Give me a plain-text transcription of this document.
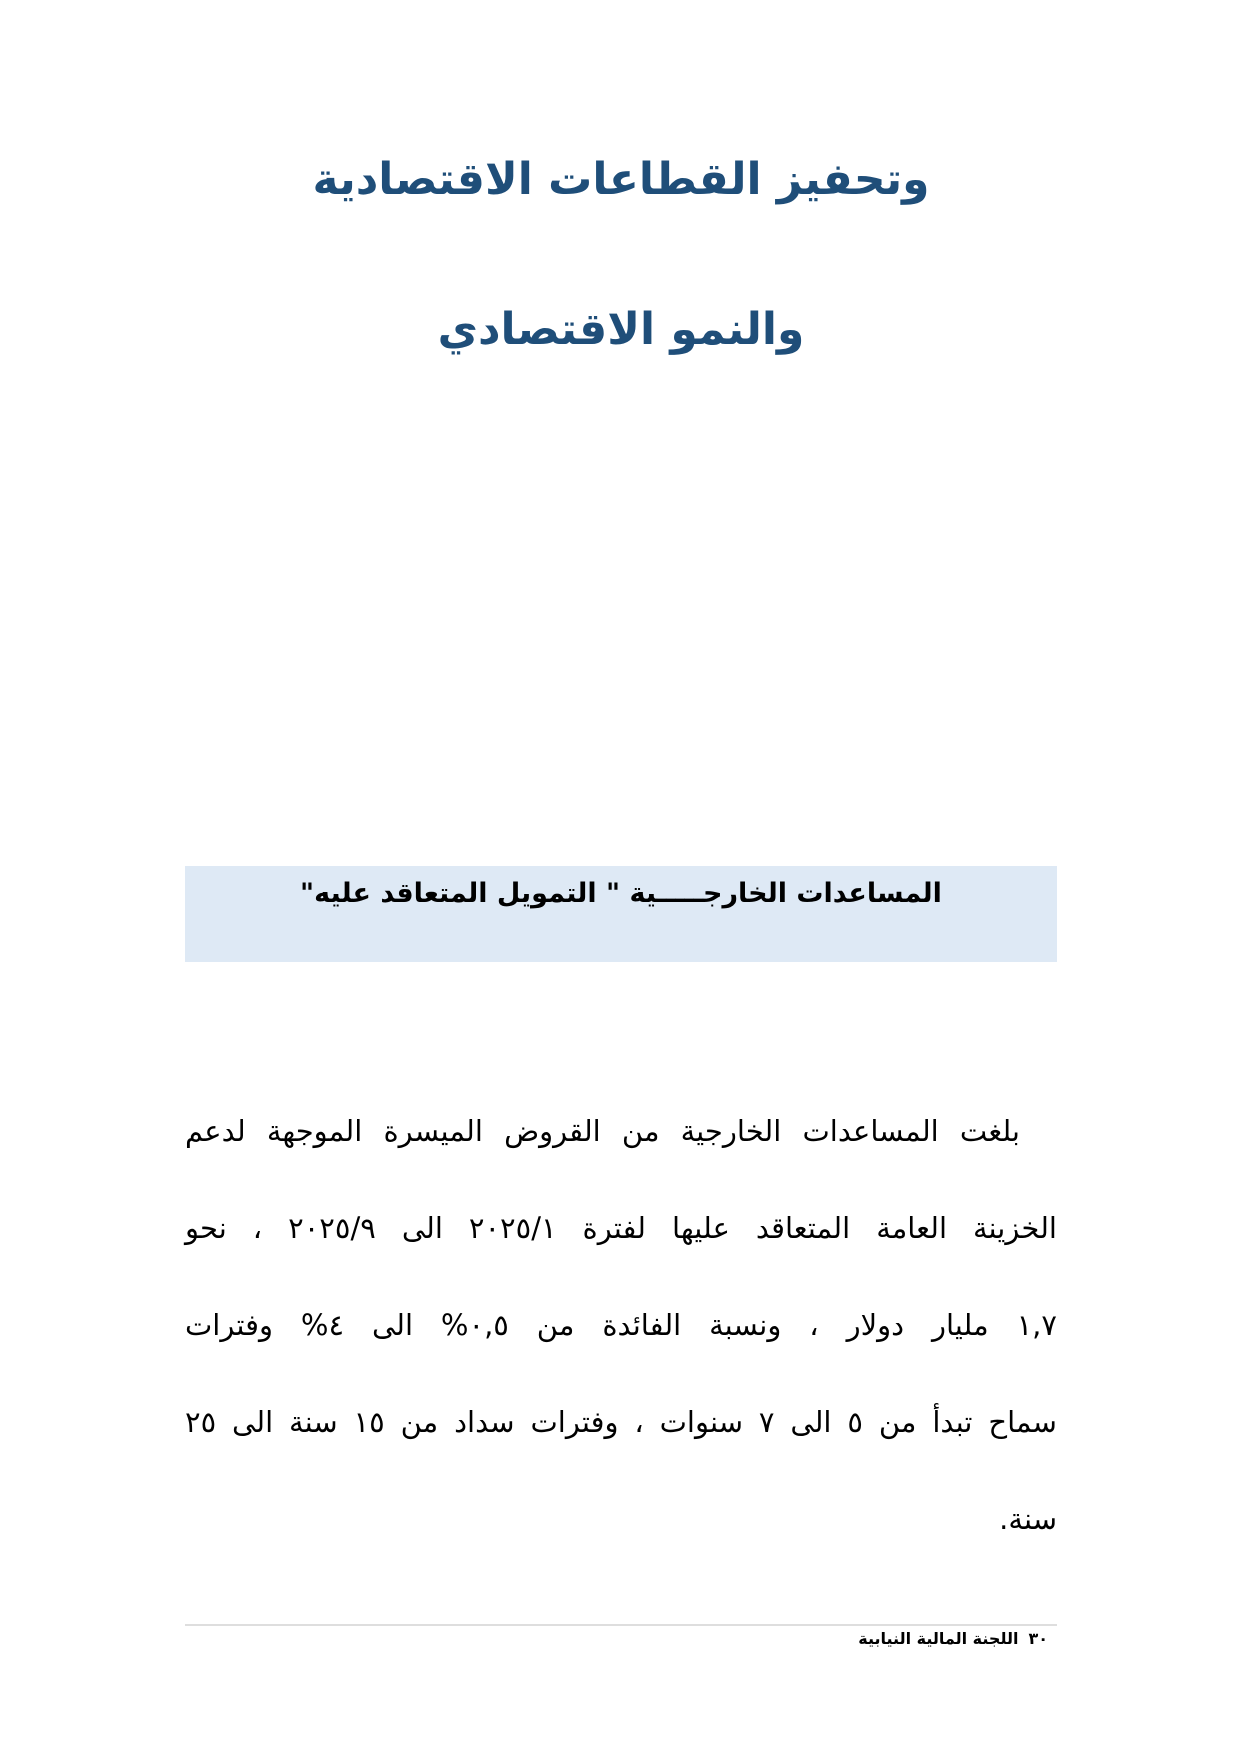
وتحفيز القطاعات الاقتصادية
والنمو الاقتصادي
المساعدات الخارجـــــية " التمويل المتعاقد عليه"
بلغت المساعدات الخارجية من القروض الميسرة الموجهة لدعم
الخزينة العامة المتعاقد عليها لفترة ٢٠٢٥/١ الى ٢٠٢٥/٩ ، نحو
١,٧ مليار دولار ، ونسبة الفائدة من ٠,٥% الى ٤% وفترات
سماح تبدأ من ٥ الى ٧ سنوات ، وفترات سداد من ١٥ سنة الى ٢٥
سنة.
٣٠اللجنة المالية النيابية
